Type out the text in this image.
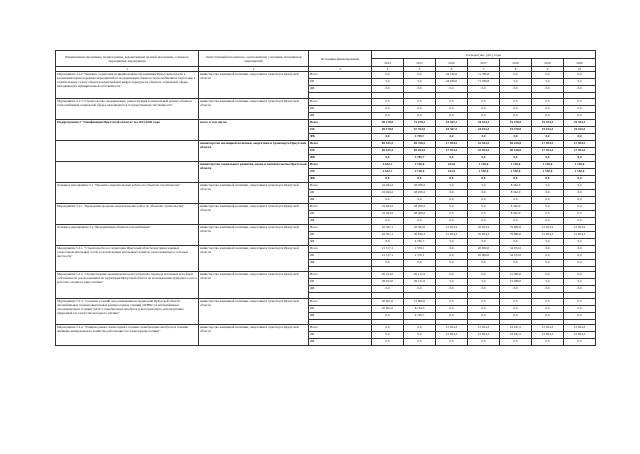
Наименование программы, подпрограммы, ведомственной целевой программы, основного мероприятия, мероприятия	Ответственный исполнитель, соисполнители, участники, исполнители мероприятий	Источники финансирования	Расходы (тыс. руб.), годы						
			2014	2015	2016	2017	2018	2019	2020
1	2	3	4	5	6	7	8	9	10
Мероприятие 4.1.2 "Оказание содействия муниципальным образованиям Иркутской области в реализации первоочередных мероприятий по модернизации объектов теплоснабжения и подготовке к отопительному сезону объектов коммунальной инфраструктуры на объектах социальной сферы, находящихся в муниципальной собственности"	министерство жилищной политики, энергетики и транспорта Иркутской области	Всего	0,0	0,0	44 180,6	71 786,8	0,0	0,0	0,0
		ОБ	0,0	0,0	44 180,6	71 786,8	0,0	0,0	0,0
		ФБ	0,0	0,0	0,0	0,0	0,0	0,0	0,0

Мероприятие 4.1.3 "Строительство, модернизация, реконструкция и капитальный ремонт объектов теплоснабжения социальной сферы, находящихся в государственной собственности"	министерство жилищной политики, энергетики и транспорта Иркутской области	Всего	0,0	0,0	0,0	0,0	0,0	0,0	0,0
		ОБ	0,0	0,0	0,0	0,0	0,0	0,0	0,0
		ФБ	0,0	0,0	0,0	0,0	0,0	0,0	0,0
Подпрограмма 5 "Газификация Иркутской области" на 2014-2020 годы	всего, в том числе:	Всего	90 178,0	72 478,2	18 367,2	44 104,3	91 378,0	19 104,3	19 104,3
		ОБ	90 178,0	67 764,5	18 367,2	44 104,3	91 378,0	19 104,3	19 104,3
		ФБ	0,0	4 765,7	0,0	0,0	0,0	0,0	0,0
	министерство жилищной политики, энергетики и транспорта Иркутской области	Всего	85 535,3	69 758,2	17 954,2	42 954,3	90 228,0	17 954,3	17 954,3
		ОБ	85 535,3	65 044,5	17 954,2	42 954,3	90 228,0	17 954,3	17 954,3
		ФБ	0,0	4 765,7	0,0	0,0	0,0	0,0	0,0
	министерство социального развития, опеки и попечительства Иркутской области	Всего	4 642,7	2 720,0	413,0	1 150,0	1 150,0	1 150,0	1 150,0
		ОБ	4 642,7	2 720,0	413,0	1 150,0	1 150,0	1 150,0	1 150,0
		ФБ	0,0	0,0	0,0	0,0	0,0	0,0	0,0
Основное мероприятие 5.1 "Проектно-изыскательские работы по объектам строительства"	министерство жилищной политики, энергетики и транспорта Иркутской области	Всего	22 944,2	28 208,2	0,0	0,0	8 342,0	0,0	0,0
		ОБ	22 944,2	28 208,2	0,0	0,0	8 342,0	0,0	0,0
		ФБ	0,0	0,0	0,0	0,0	0,0	0,0	0,0
Мероприятие 5.1.1 "Проведение проектно-изыскательских работ по объектам строительства"	министерство жилищной политики, энергетики и транспорта Иркутской области	Всего	22 944,2	28 208,2	0,0	0,0	8 342,0	0,0	0,0
		ОБ	22 944,2	28 208,2	0,0	0,0	8 342,0	0,0	0,0
		ФБ	0,0	0,0	0,0	0,0	0,0	0,0	0,0
Основное мероприятие 5.2 "Модернизация объектов газоснабжения"	министерство жилищной политики, энергетики и транспорта Иркутской области	Всего	62 591,1	35 562,0	15 954,3	35 954,3	79 886,0	15 954,3	15 954,3
		ОБ	62 591,1	30 836,3	15 954,3	35 954,3	79 886,0	15 954,3	15 954,3
		ФБ	0,0	4 765,7	0,0	0,0	0,0	0,0	0,0
Мероприятие 5.2.1. "Строительство на территории Иркутской области внутрипоселковых газораспределительных сетей, за исключением населенных пунктов, расположенных в сельской местности"	министерство жилищной политики, энергетики и транспорта Иркутской области	Всего	21 517,1	2 570,1	0,0	20 000,0	34 674,5	0,0	0,0
		ОБ	21 517,1	2 570,1	0,0	20 000,0	34 674,5	0,0	0,0
		ФБ	0,0	0,0	0,0	0,0	0,0	0,0	0,0

Мероприятие 5.2.2. "Осуществление экономически целесообразного перевода котельных всех форм собственности, расположенных на территории Иркутской области на использование природного газа в качестве основного вида топлива"	министерство жилищной политики, энергетики и транспорта Иркутской области	Всего	20 413,0	20 131,9	0,0	0,0	21 280,0	0,0	0,0
		ОБ	20 413,0	20 131,9	0,0	0,0	21 280,0	0,0	0,0
		ФБ	0,0	0,0	0,0	0,0	0,0	0,0	0,0

Мероприятие 5.2.3. "Создание условий для размещения на территории Иркутской области автомобильных газонаполнительных компрессорных станций (АГНКС) и автомобильных газозаправочных станций (АГЗС): приобретение автобусов и автотранспорта, использующих природный газ в качестве моторного топлива"	министерство жилищной политики, энергетики и транспорта Иркутской области	Всего	20 661,0	12 860,0	0,0	0,0	0,0	0,0	0,0
		ОБ	20 661,0	8 154,3	0,0	0,0	0,0	0,0	0,0
		ФБ	0,0	4 705,7	0,0	0,0	0,0	0,0	0,0

Мероприятие 5.2.4. "Развитие рынка газомоторного топлива: приобретение автобусов и техники жилищно-коммунального хозяйства работающих на газомоторном топливе"	министерство жилищной политики, энергетики и транспорта Иркутской области	Всего	0,0	0,0	15 954,3	15 954,3	23 931,5	15 954,3	15 954,3
		ОБ	0,0	0,0	15 954,3	15 954,3	23 931,5	15 954,3	15 954,3
		ФБ	0,0	0,0	0,0	0,0	0,0	0,0	0,0
